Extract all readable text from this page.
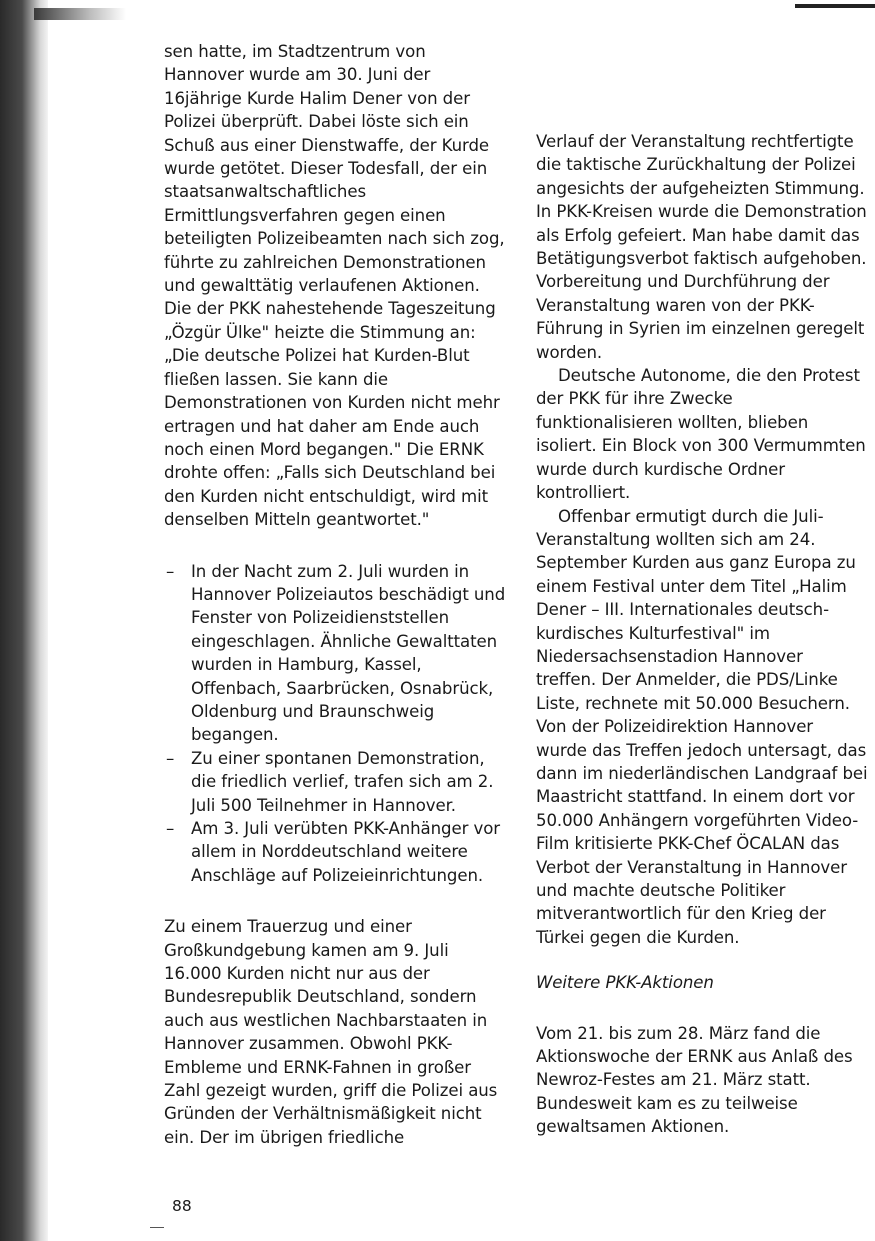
sen hatte, im Stadtzentrum von Hannover wurde am 30. Juni der 16jährige Kurde Halim Dener von der Polizei überprüft. Dabei löste sich ein Schuß aus einer Dienstwaffe, der Kurde wurde getötet. Dieser Todesfall, der ein staatsanwaltschaftliches Ermittlungsverfahren gegen einen beteiligten Polizeibeamten nach sich zog, führte zu zahlreichen Demonstrationen und gewalttätig verlaufenen Aktionen. Die der PKK nahestehende Tageszeitung „Özgür Ülke" heizte die Stimmung an: „Die deutsche Polizei hat Kurden-Blut fließen lassen. Sie kann die Demonstrationen von Kurden nicht mehr ertragen und hat daher am Ende auch noch einen Mord begangen." Die ERNK drohte offen: „Falls sich Deutschland bei den Kurden nicht entschuldigt, wird mit denselben Mitteln geantwortet."

– In der Nacht zum 2. Juli wurden in Hannover Polizeiautos beschädigt und Fenster von Polizeidienststellen eingeschlagen. Ähnliche Gewalttaten wurden in Hamburg, Kassel, Offenbach, Saarbrücken, Osnabrück, Oldenburg und Braunschweig begangen.
– Zu einer spontanen Demonstration, die friedlich verlief, trafen sich am 2. Juli 500 Teilnehmer in Hannover.
– Am 3. Juli verübten PKK-Anhänger vor allem in Norddeutschland weitere Anschläge auf Polizeieinrichtungen.

Zu einem Trauerzug und einer Großkundgebung kamen am 9. Juli 16.000 Kurden nicht nur aus der Bundesrepublik Deutschland, sondern auch aus westlichen Nachbarstaaten in Hannover zusammen. Obwohl PKK-Embleme und ERNK-Fahnen in großer Zahl gezeigt wurden, griff die Polizei aus Gründen der Verhältnismäßigkeit nicht ein. Der im übrigen friedliche

Verlauf der Veranstaltung rechtfertigte die taktische Zurückhaltung der Polizei angesichts der aufgeheizten Stimmung. In PKK-Kreisen wurde die Demonstration als Erfolg gefeiert. Man habe damit das Betätigungsverbot faktisch aufgehoben. Vorbereitung und Durchführung der Veranstaltung waren von der PKK-Führung in Syrien im einzelnen geregelt worden.

Deutsche Autonome, die den Protest der PKK für ihre Zwecke funktionalisieren wollten, blieben isoliert. Ein Block von 300 Vermummten wurde durch kurdische Ordner kontrolliert.

Offenbar ermutigt durch die Juli-Veranstaltung wollten sich am 24. September Kurden aus ganz Europa zu einem Festival unter dem Titel „Halim Dener – III. Internationales deutsch-kurdisches Kulturfestival" im Niedersachsenstadion Hannover treffen. Der Anmelder, die PDS/Linke Liste, rechnete mit 50.000 Besuchern. Von der Polizeidirektion Hannover wurde das Treffen jedoch untersagt, das dann im niederländischen Landgraaf bei Maastricht stattfand. In einem dort vor 50.000 Anhängern vorgeführten Video-Film kritisierte PKK-Chef ÖCALAN das Verbot der Veranstaltung in Hannover und machte deutsche Politiker mitverantwortlich für den Krieg der Türkei gegen die Kurden.

Weitere PKK-Aktionen

Vom 21. bis zum 28. März fand die Aktionswoche der ERNK aus Anlaß des Newroz-Festes am 21. März statt. Bundesweit kam es zu teilweise gewaltsamen Aktionen.

88
